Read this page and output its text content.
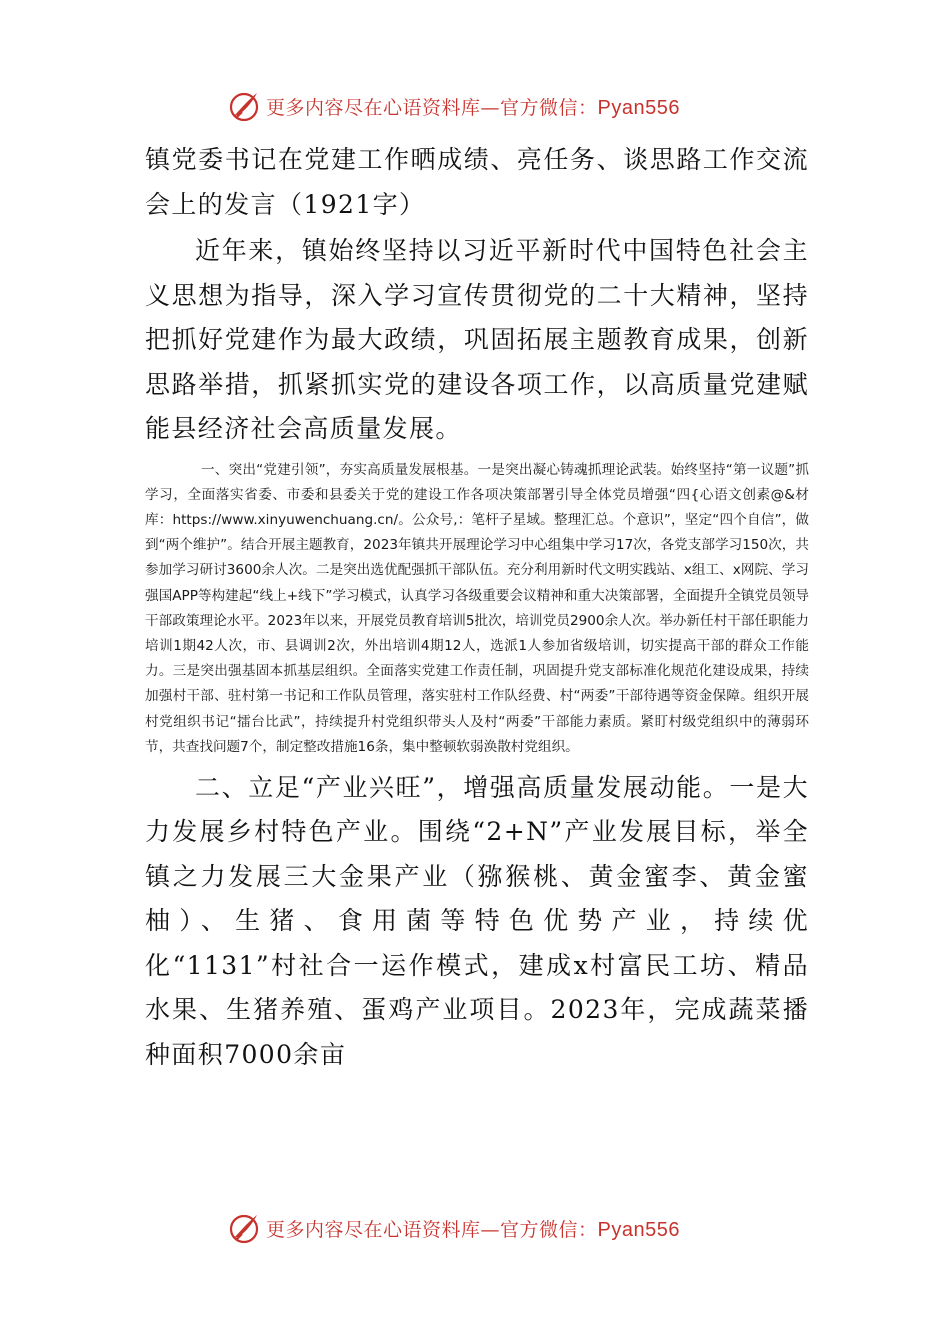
更多内容尽在心语资料库—官方微信：Pyan556

镇党委书记在党建工作晒成绩、亮任务、谈思路工作交流会上的发言（1921字）

近年来，镇始终坚持以习近平新时代中国特色社会主义思想为指导，深入学习宣传贯彻党的二十大精神，坚持把抓好党建作为最大政绩，巩固拓展主题教育成果，创新思路举措，抓紧抓实党的建设各项工作，以高质量党建赋能县经济社会高质量发展。

一、突出“党建引领”，夯实高质量发展根基。一是突出凝心铸魂抓理论武装。始终坚持“第一议题”抓学习，全面落实省委、市委和县委关于党的建设工作各项决策部署引导全体党员增强“四{心语文创素@&材库：https://www.xinyuwenchuang.cn/。公众号,：笔杆子星域。整理汇总。个意识”，坚定“四个自信”，做到“两个维护”。结合开展主题教育，2023年镇共开展理论学习中心组集中学习17次，各党支部学习150次，共参加学习研讨3600余人次。二是突出选优配强抓干部队伍。充分利用新时代文明实践站、x组工、x网院、学习强国APP等构建起“线上+线下”学习模式，认真学习各级重要会议精神和重大决策部署，全面提升全镇党员领导干部政策理论水平。2023年以来，开展党员教育培训5批次，培训党员2900余人次。举办新任村干部任职能力培训1期42人次，市、县调训2次，外出培训4期12人，选派1人参加省级培训，切实提高干部的群众工作能力。三是突出强基固本抓基层组织。全面落实党建工作责任制，巩固提升党支部标准化规范化建设成果，持续加强村干部、驻村第一书记和工作队员管理，落实驻村工作队经费、村“两委”干部待遇等资金保障。组织开展村党组织书记“擂台比武”，持续提升村党组织带头人及村“两委”干部能力素质。紧盯村级党组织中的薄弱环节，共查找问题7个，制定整改措施16条，集中整顿软弱涣散村党组织。

二、立足“产业兴旺”，增强高质量发展动能。一是大力发展乡村特色产业。围绕“2+N”产业发展目标，举全镇之力发展三大金果产业（猕猴桃、黄金蜜李、黄金蜜柚）、生猪、食用菌等特色优势产业，持续优化“1131”村社合一运作模式，建成x村富民工坊、精品水果、生猪养殖、蛋鸡产业项目。2023年，完成蔬菜播种面积7000余亩

更多内容尽在心语资料库—官方微信：Pyan556
